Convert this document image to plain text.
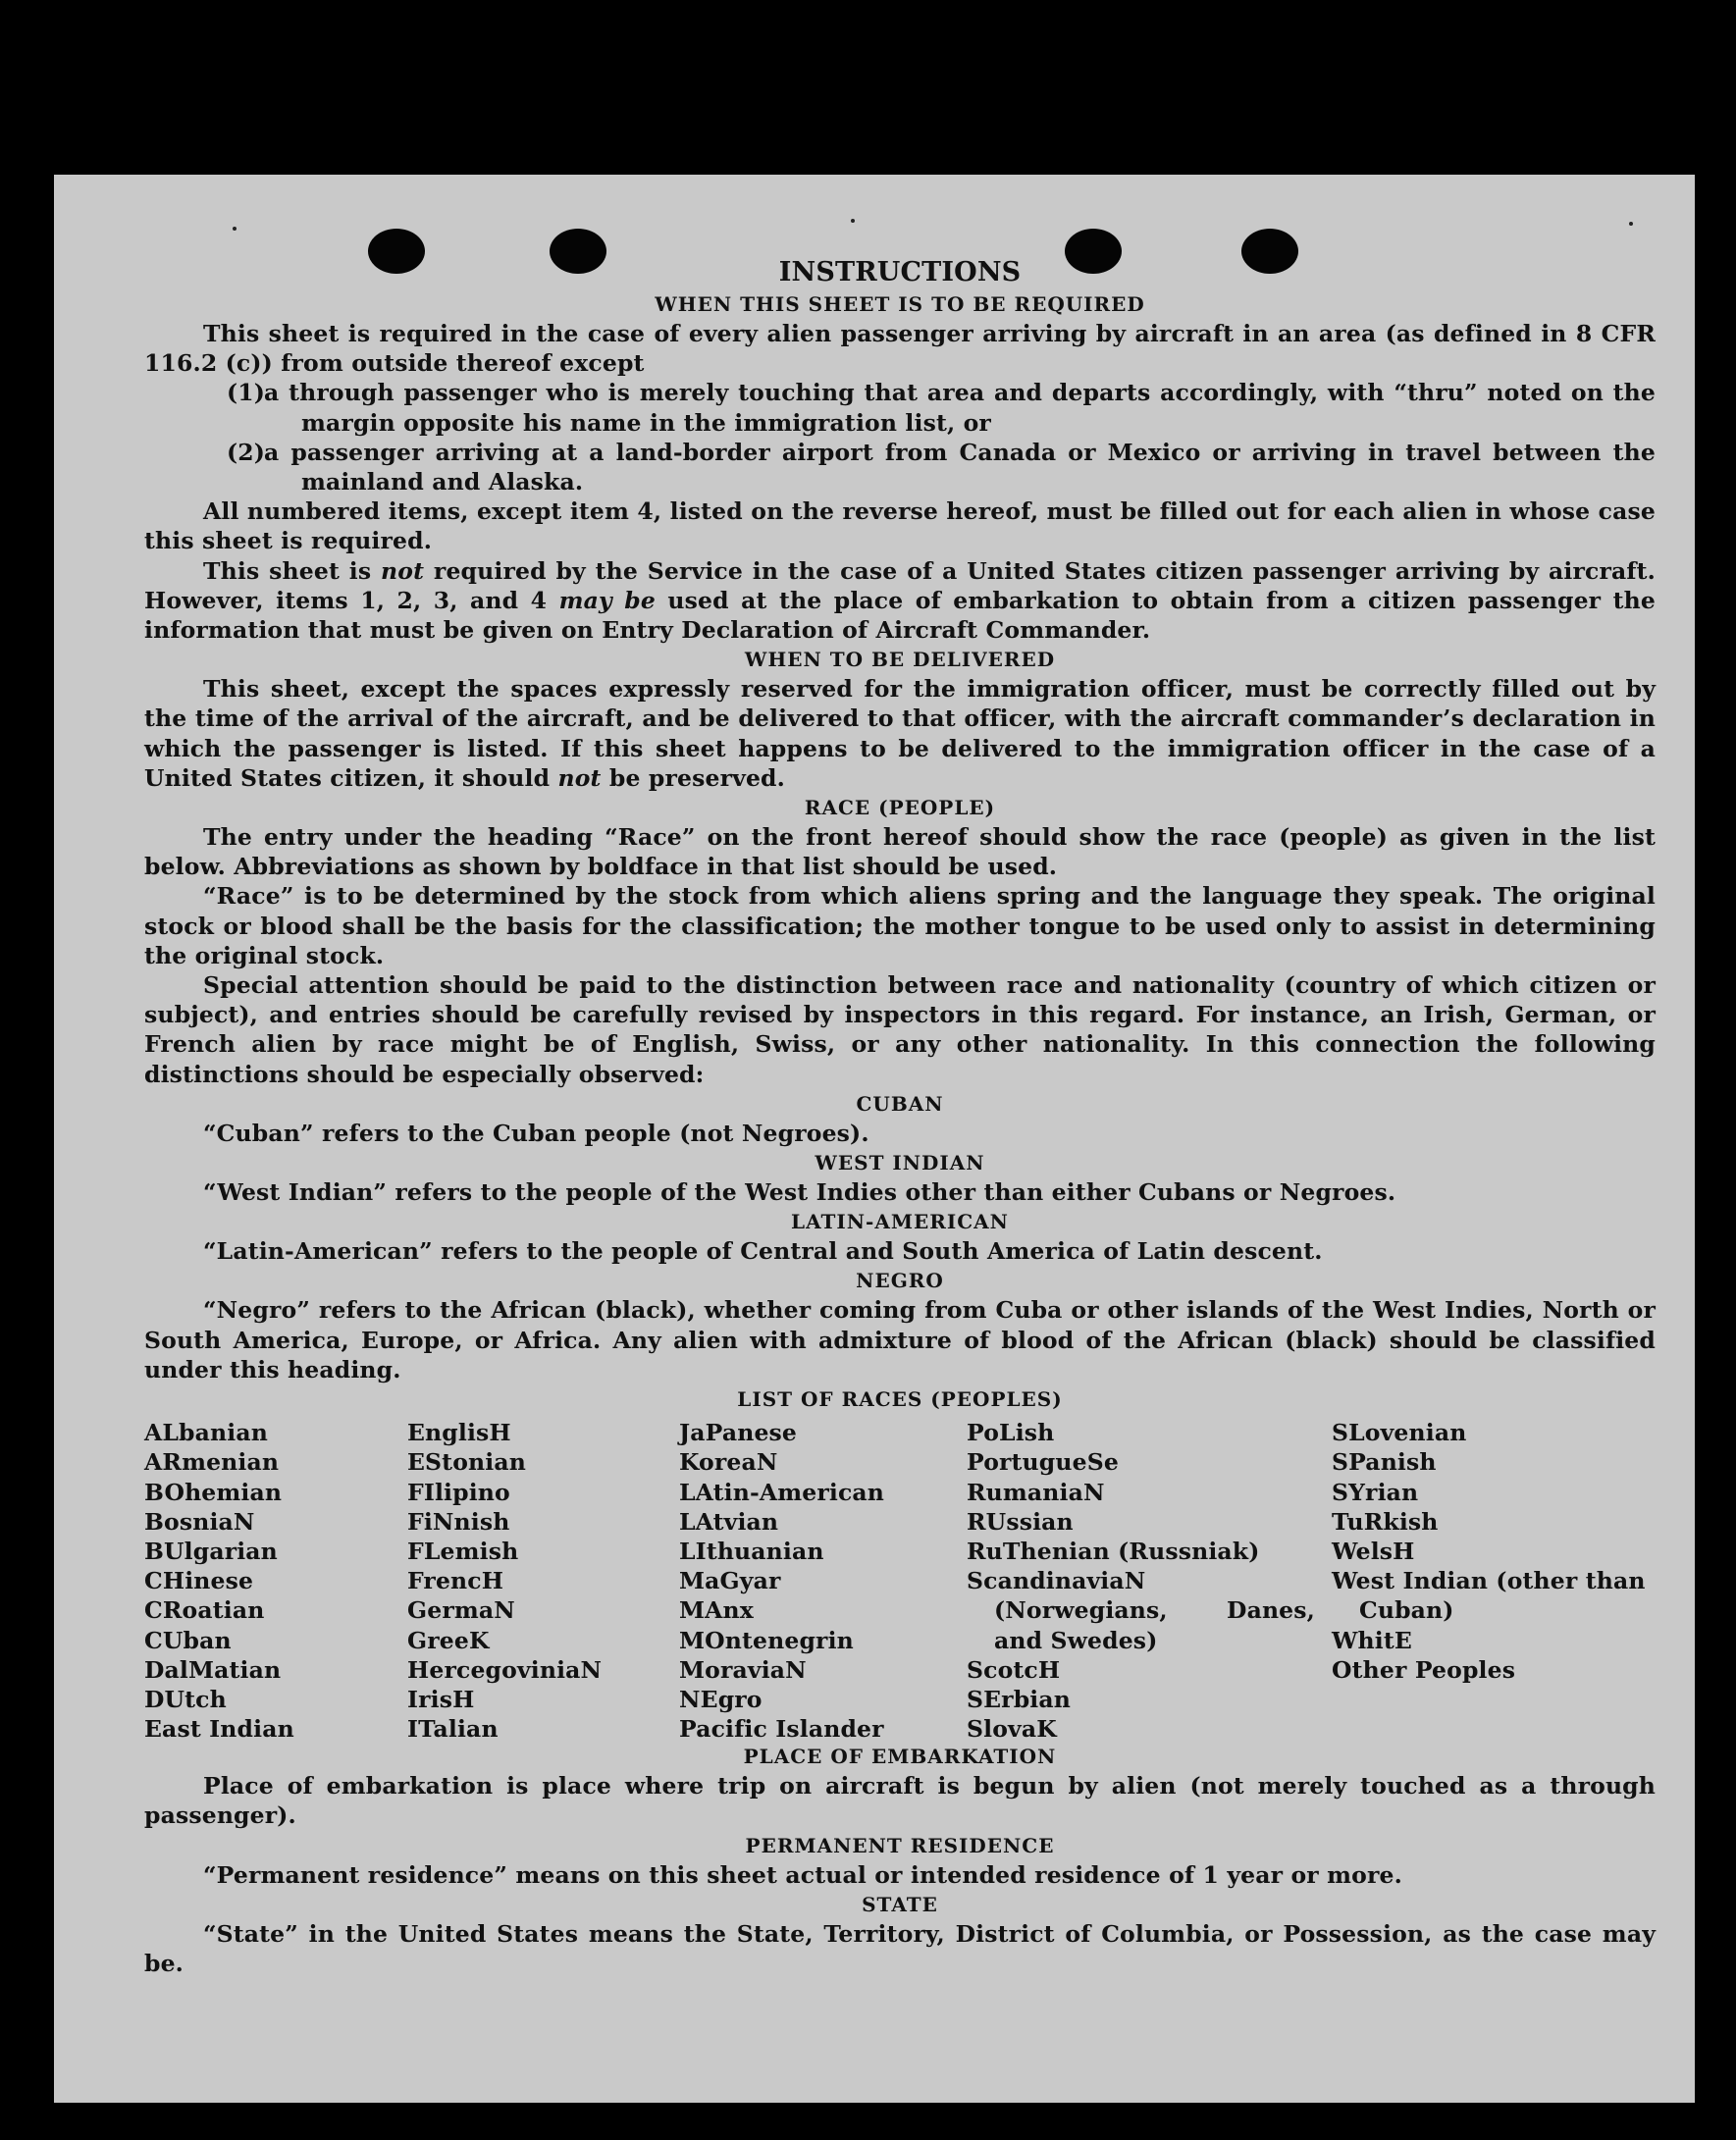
INSTRUCTIONS

WHEN THIS SHEET IS TO BE REQUIRED

This sheet is required in the case of every alien passenger arriving by aircraft in an area (as defined in 8 CFR 116.2 (c)) from outside thereof except

(1)a through passenger who is merely touching that area and departs accordingly, with “thru” noted on the margin opposite his name in the immigration list, or

(2)a passenger arriving at a land-border airport from Canada or Mexico or arriving in travel between the mainland and Alaska.

All numbered items, except item 4, listed on the reverse hereof, must be filled out for each alien in whose case this sheet is required.

This sheet is not required by the Service in the case of a United States citizen passenger arriving by aircraft. However, items 1, 2, 3, and 4 may be used at the place of embarkation to obtain from a citizen passenger the information that must be given on Entry Declaration of Aircraft Commander.

WHEN TO BE DELIVERED

This sheet, except the spaces expressly reserved for the immigration officer, must be correctly filled out by the time of the arrival of the aircraft, and be delivered to that officer, with the aircraft commander’s declaration in which the passenger is listed. If this sheet happens to be delivered to the immigration officer in the case of a United States citizen, it should not be preserved.

RACE (PEOPLE)

The entry under the heading “Race” on the front hereof should show the race (people) as given in the list below. Abbreviations as shown by boldface in that list should be used.

“Race” is to be determined by the stock from which aliens spring and the language they speak. The original stock or blood shall be the basis for the classification; the mother tongue to be used only to assist in determining the original stock.

Special attention should be paid to the distinction between race and nationality (country of which citizen or subject), and entries should be carefully revised by inspectors in this regard. For instance, an Irish, German, or French alien by race might be of English, Swiss, or any other nationality. In this connection the following distinctions should be especially observed:

CUBAN

“Cuban” refers to the Cuban people (not Negroes).

WEST INDIAN

“West Indian” refers to the people of the West Indies other than either Cubans or Negroes.

LATIN-AMERICAN

“Latin-American” refers to the people of Central and South America of Latin descent.

NEGRO

“Negro” refers to the African (black), whether coming from Cuba or other islands of the West Indies, North or South America, Europe, or Africa. Any alien with admixture of blood of the African (black) should be classified under this heading.

LIST OF RACES (PEOPLES)

ALbanian
ARmenian
BOhemian
BosniaN
BUlgarian
CHinese
CRoatian
CUban
DalMatian
DUtch
East Indian
EnglisH
EStonian
FIlipino
FiNnish
FLemish
FrencH
GermaN
GreeK
HercegoviniaN
IrisH
ITalian
JaPanese
KoreaN
LAtin-American
LAtvian
LIthuanian
MaGyar
MAnx
MOntenegrin
MoraviaN
NEgro
Pacific Islander
PoLish
PortugueSe
RumaniaN
RUssian
RuThenian (Russniak)
ScandinaviaN (Norwegians, Danes, and Swedes)
ScotcH
SErbian
SlovaK
SLovenian
SPanish
SYrian
TuRkish
WelsH
West Indian (other than Cuban)
WhitE
Other Peoples

PLACE OF EMBARKATION

Place of embarkation is place where trip on aircraft is begun by alien (not merely touched as a through passenger).

PERMANENT RESIDENCE

“Permanent residence” means on this sheet actual or intended residence of 1 year or more.

STATE

“State” in the United States means the State, Territory, District of Columbia, or Possession, as the case may be.
